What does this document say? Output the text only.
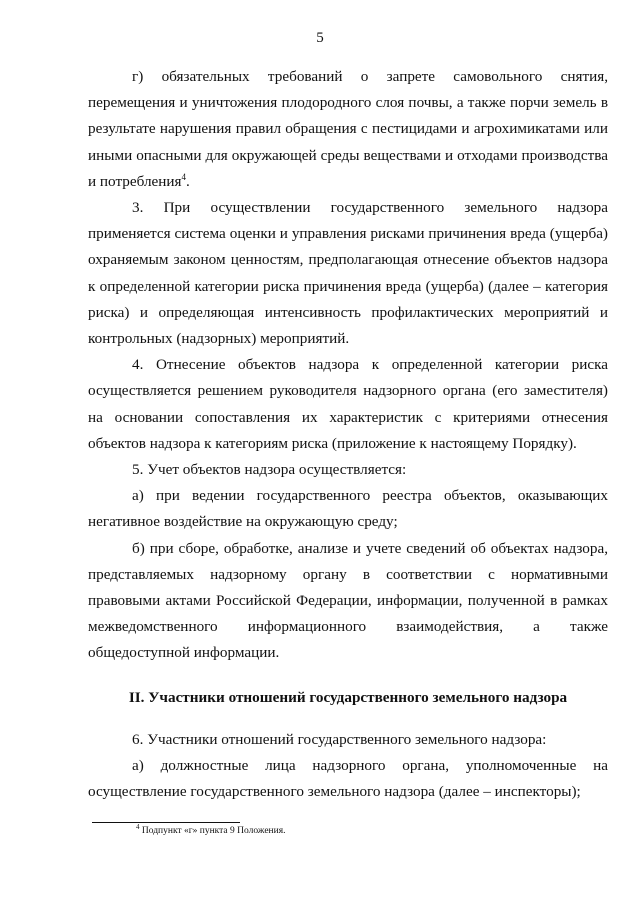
5

г) обязательных требований о запрете самовольного снятия, перемещения и уничтожения плодородного слоя почвы, а также порчи земель в результате нарушения правил обращения с пестицидами и агрохимикатами или иными опасными для окружающей среды веществами и отходами производства и потребления$^4$.

3. При осуществлении государственного земельного надзора применяется система оценки и управления рисками причинения вреда (ущерба) охраняемым законом ценностям, предполагающая отнесение объектов надзора к определенной категории риска причинения вреда (ущерба) (далее – категория риска) и определяющая интенсивность профилактических мероприятий и контрольных (надзорных) мероприятий.

4. Отнесение объектов надзора к определенной категории риска осуществляется решением руководителя надзорного органа (его заместителя) на основании сопоставления их характеристик с критериями отнесения объектов надзора к категориям риска (приложение к настоящему Порядку).

5. Учет объектов надзора осуществляется:

а) при ведении государственного реестра объектов, оказывающих негативное воздействие на окружающую среду;

б) при сборе, обработке, анализе и учете сведений об объектах надзора, представляемых надзорному органу в соответствии с нормативными правовыми актами Российской Федерации, информации, полученной в рамках межведомственного информационного взаимодействия, а также общедоступной информации.

II. Участники отношений государственного земельного надзора

6. Участники отношений государственного земельного надзора:

а) должностные лица надзорного органа, уполномоченные на осуществление государственного земельного надзора (далее – инспекторы);

$^4$ Подпункт «г» пункта 9 Положения.
